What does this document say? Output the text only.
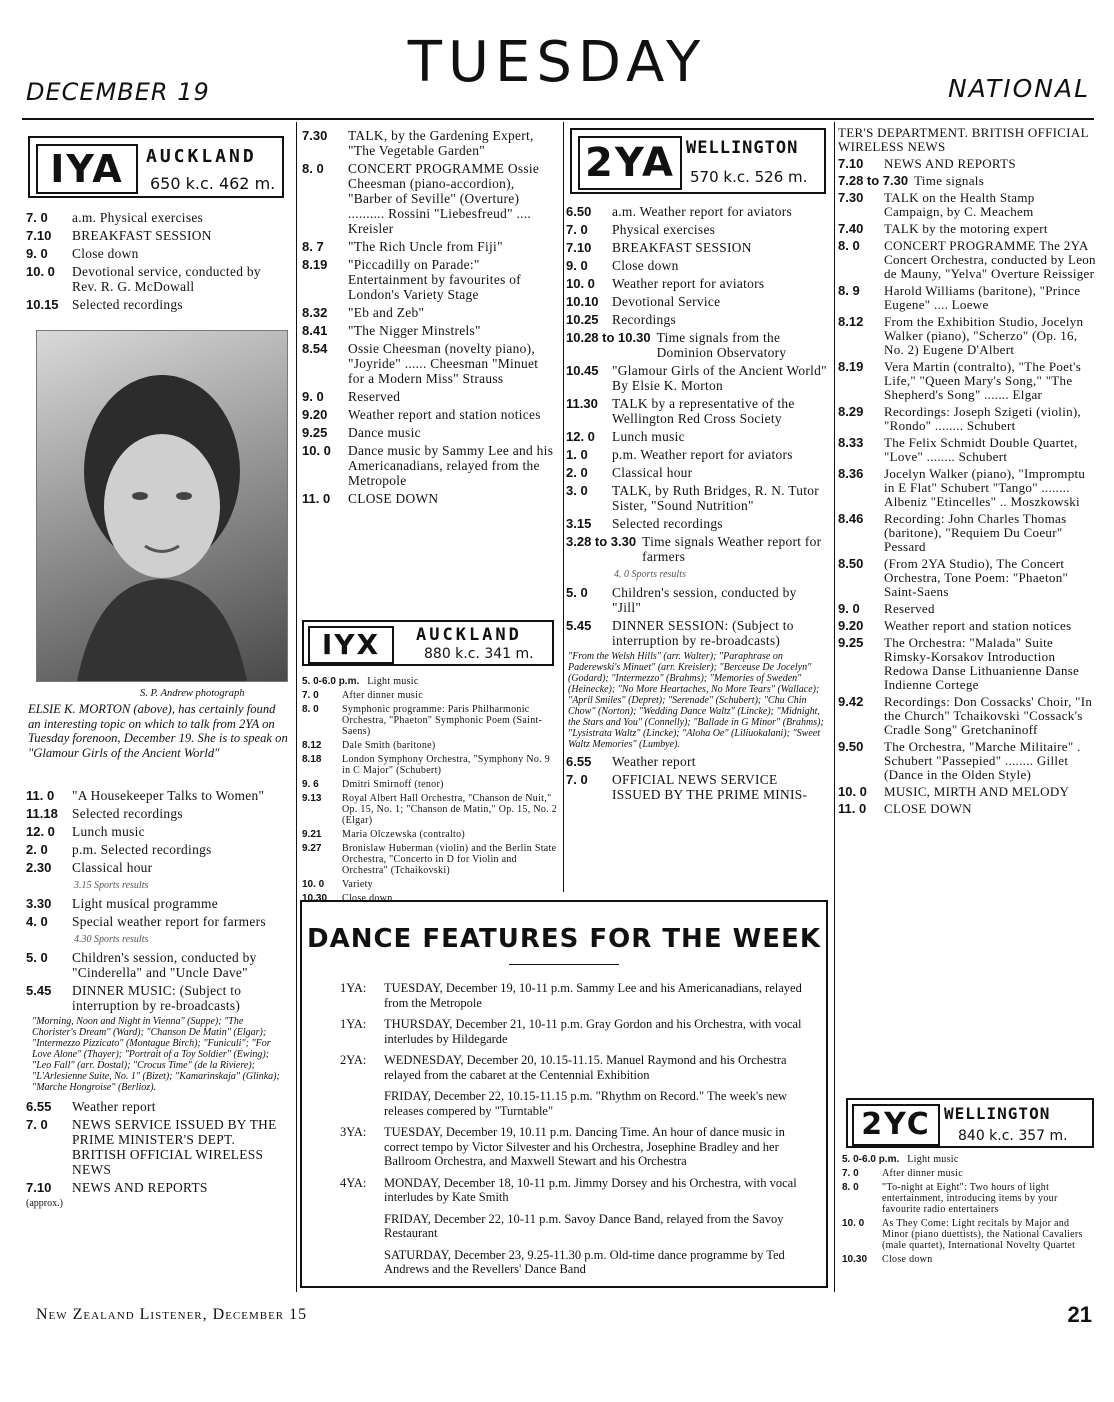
DECEMBER 19	TUESDAY	NATIONAL
IYA	AUCKLAND
650 k.c. 462 m.
7. 0	a.m. Physical exercises
7.10	BREAKFAST SESSION
9. 0	Close down
10. 0	Devotional service, conducted by Rev. R. G. McDowall
10.15	Selected recordings
S. P. Andrew photograph
ELSIE K. MORTON (above), has certainly found an interesting topic on which to talk from 2YA on Tuesday forenoon, December 19. She is to speak on "Glamour Girls of the Ancient World"
11. 0	"A Housekeeper Talks to Women"
11.18	Selected recordings
12. 0	Lunch music
2. 0	p.m. Selected recordings
2.30	Classical hour
3.15 Sports results
3.30	Light musical programme
4. 0	Special weather report for farmers
4.30 Sports results
5. 0	Children's session, conducted by "Cinderella" and "Uncle Dave"
5.45	DINNER MUSIC: (Subject to interruption by re-broadcasts)
"Morning, Noon and Night in Vienna" (Suppe); "The Chorister's Dream" (Ward); "Chanson De Matin" (Elgar); "Intermezzo Pizzicato" (Montague Birch); "Funiculi"; "For Love Alone" (Thayer); "Portrait of a Toy Soldier" (Ewing); "Leo Fall" (arr. Dostal); "Crocus Time" (de la Riviere); "L'Arlesienne Suite, No. 1" (Bizet); "Kamarinskaja" (Glinka); "Marche Hongroise" (Berlioz).
6.55	Weather report
7. 0	NEWS SERVICE ISSUED BY THE PRIME MINISTER'S DEPT. BRITISH OFFICIAL WIRELESS NEWS
7.10	NEWS AND REPORTS
(approx.)
7.30	TALK, by the Gardening Expert, "The Vegetable Garden"
8. 0	CONCERT PROGRAMME Ossie Cheesman (piano-accordion), "Barber of Seville" (Overture) .......... Rossini "Liebesfreud" .... Kreisler
8. 7	"The Rich Uncle from Fiji"
8.19	"Piccadilly on Parade:" Entertainment by favourites of London's Variety Stage
8.32	"Eb and Zeb"
8.41	"The Nigger Minstrels"
8.54	Ossie Cheesman (novelty piano), "Joyride" ...... Cheesman "Minuet for a Modern Miss" Strauss
9. 0	Reserved
9.20	Weather report and station notices
9.25	Dance music
10. 0	Dance music by Sammy Lee and his Americanadians, relayed from the Metropole
11. 0	CLOSE DOWN
IYX	AUCKLAND
880 k.c. 341 m.
5. 0-6.0 p.m. Light music
7. 0	After dinner music
8. 0	Symphonic programme: Paris Philharmonic Orchestra, "Phaeton" Symphonic Poem (Saint-Saens)
8.12	Dale Smith (baritone)
8.18	London Symphony Orchestra, "Symphony No. 9 in C Major" (Schubert)
9. 6	Dmitri Smirnoff (tenor)
9.13	Royal Albert Hall Orchestra, "Chanson de Nuit," Op. 15, No. 1; "Chanson de Matin," Op. 15, No. 2 (Elgar)
9.21	Maria Olczewska (contralto)
9.27	Bronislaw Huberman (violin) and the Berlin State Orchestra, "Concerto in D for Violin and Orchestra" (Tchaikovski)
10. 0	Variety
10.30	Close down
2YA WELLINGTON
570 k.c. 526 m.
6.50	a.m. Weather report for aviators
7. 0	Physical exercises
7.10	BREAKFAST SESSION
9. 0	Close down
10. 0	Weather report for aviators
10.10	Devotional Service
10.25	Recordings
10.28 to 10.30 Time signals from the Dominion Observatory
10.45	"Glamour Girls of the Ancient World" By Elsie K. Morton
11.30	TALK by a representative of the Wellington Red Cross Society
12. 0	Lunch music
1. 0	p.m. Weather report for aviators
2. 0	Classical hour
3. 0	TALK, by Ruth Bridges, R. N. Tutor Sister, "Sound Nutrition"
3.15	Selected recordings
3.28 to 3.30 Time signals Weather report for farmers
4. 0 Sports results
5. 0	Children's session, conducted by "Jill"
5.45	DINNER SESSION: (Subject to interruption by re-broadcasts)
"From the Welsh Hills" (arr. Walter); "Paraphrase on Paderewski's Minuet" (arr. Kreisler); "Berceuse De Jocelyn" (Godard); "Intermezzo" (Brahms); "Memories of Sweden" (Heinecke); "No More Heartaches, No More Tears" (Wallace); "April Smiles" (Depret); "Serenade" (Schubert); "Chu Chin Chow" (Norton); "Wedding Dance Waltz" (Lincke); "Midnight, the Stars and You" (Connelly); "Ballade in G Minor" (Brahms); "Lysistrata Waltz" (Lincke); "Aloha Oe" (Liliuokalani); "Sweet Waltz Memories" (Lumbye).
6.55	Weather report
7. 0	OFFICIAL NEWS SERVICE ISSUED BY THE PRIME MINIS-
DANCE FEATURES FOR THE WEEK
1YA:	TUESDAY, December 19, 10-11 p.m. Sammy Lee and his Americanadians, relayed from the Metropole
1YA:	THURSDAY, December 21, 10-11 p.m. Gray Gordon and his Orchestra, with vocal interludes by Hildegarde
2YA:	WEDNESDAY, December 20, 10.15-11.15. Manuel Raymond and his Orchestra relayed from the cabaret at the Centennial Exhibition
FRIDAY, December 22, 10.15-11.15 p.m. "Rhythm on Record." The week's new releases compered by "Turntable"
3YA:	TUESDAY, December 19, 10.11 p.m. Dancing Time. An hour of dance music in correct tempo by Victor Silvester and his Orchestra, Josephine Bradley and her Ballroom Orchestra, and Maxwell Stewart and his Orchestra
4YA:	MONDAY, December 18, 10-11 p.m. Jimmy Dorsey and his Orchestra, with vocal interludes by Kate Smith
FRIDAY, December 22, 10-11 p.m. Savoy Dance Band, relayed from the Savoy Restaurant
SATURDAY, December 23, 9.25-11.30 p.m. Old-time dance programme by Ted Andrews and the Revellers' Dance Band
TER'S DEPARTMENT. BRITISH OFFICIAL WIRELESS NEWS
7.10	NEWS AND REPORTS
7.28 to 7.30 Time signals
7.30	TALK on the Health Stamp Campaign, by C. Meachem
7.40	TALK by the motoring expert
8. 0	CONCERT PROGRAMME The 2YA Concert Orchestra, conducted by Leon de Mauny, "Yelva" Overture Reissiger
8. 9	Harold Williams (baritone), "Prince Eugene" .... Loewe
8.12	From the Exhibition Studio, Jocelyn Walker (piano), "Scherzo" (Op. 16, No. 2) Eugene D'Albert
8.19	Vera Martin (contralto), "The Poet's Life," "Queen Mary's Song," "The Shepherd's Song" ....... Elgar
8.29	Recordings: Joseph Szigeti (violin), "Rondo" ........ Schubert
8.33	The Felix Schmidt Double Quartet, "Love" ........ Schubert
8.36	Jocelyn Walker (piano), "Impromptu in E Flat" Schubert "Tango" ........ Albeniz "Etincelles" .. Moszkowski
8.46	Recording: John Charles Thomas (baritone), "Requiem Du Coeur" Pessard
8.50	(From 2YA Studio), The Concert Orchestra, Tone Poem: "Phaeton" Saint-Saens
9. 0	Reserved
9.20	Weather report and station notices
9.25	The Orchestra: "Malada" Suite Rimsky-Korsakov Introduction Redowa Danse Lithuanienne Danse Indienne Cortege
9.42	Recordings: Don Cossacks' Choir, "In the Church" Tchaikovski "Cossack's Cradle Song" Gretchaninoff
9.50	The Orchestra, "Marche Militaire" . Schubert "Passepied" ........ Gillet (Dance in the Olden Style)
10. 0	MUSIC, MIRTH AND MELODY
11. 0	CLOSE DOWN
2YC WELLINGTON
840 k.c. 357 m.
5. 0-6.0 p.m. Light music
7. 0	After dinner music
8. 0	"To-night at Eight": Two hours of light entertainment, introducing items by your favourite radio entertainers
10. 0	As They Come: Light recitals by Major and Minor (piano duettists), the National Cavaliers (male quartet), International Novelty Quartet
10.30	Close down
New Zealand Listener, December 15	21
